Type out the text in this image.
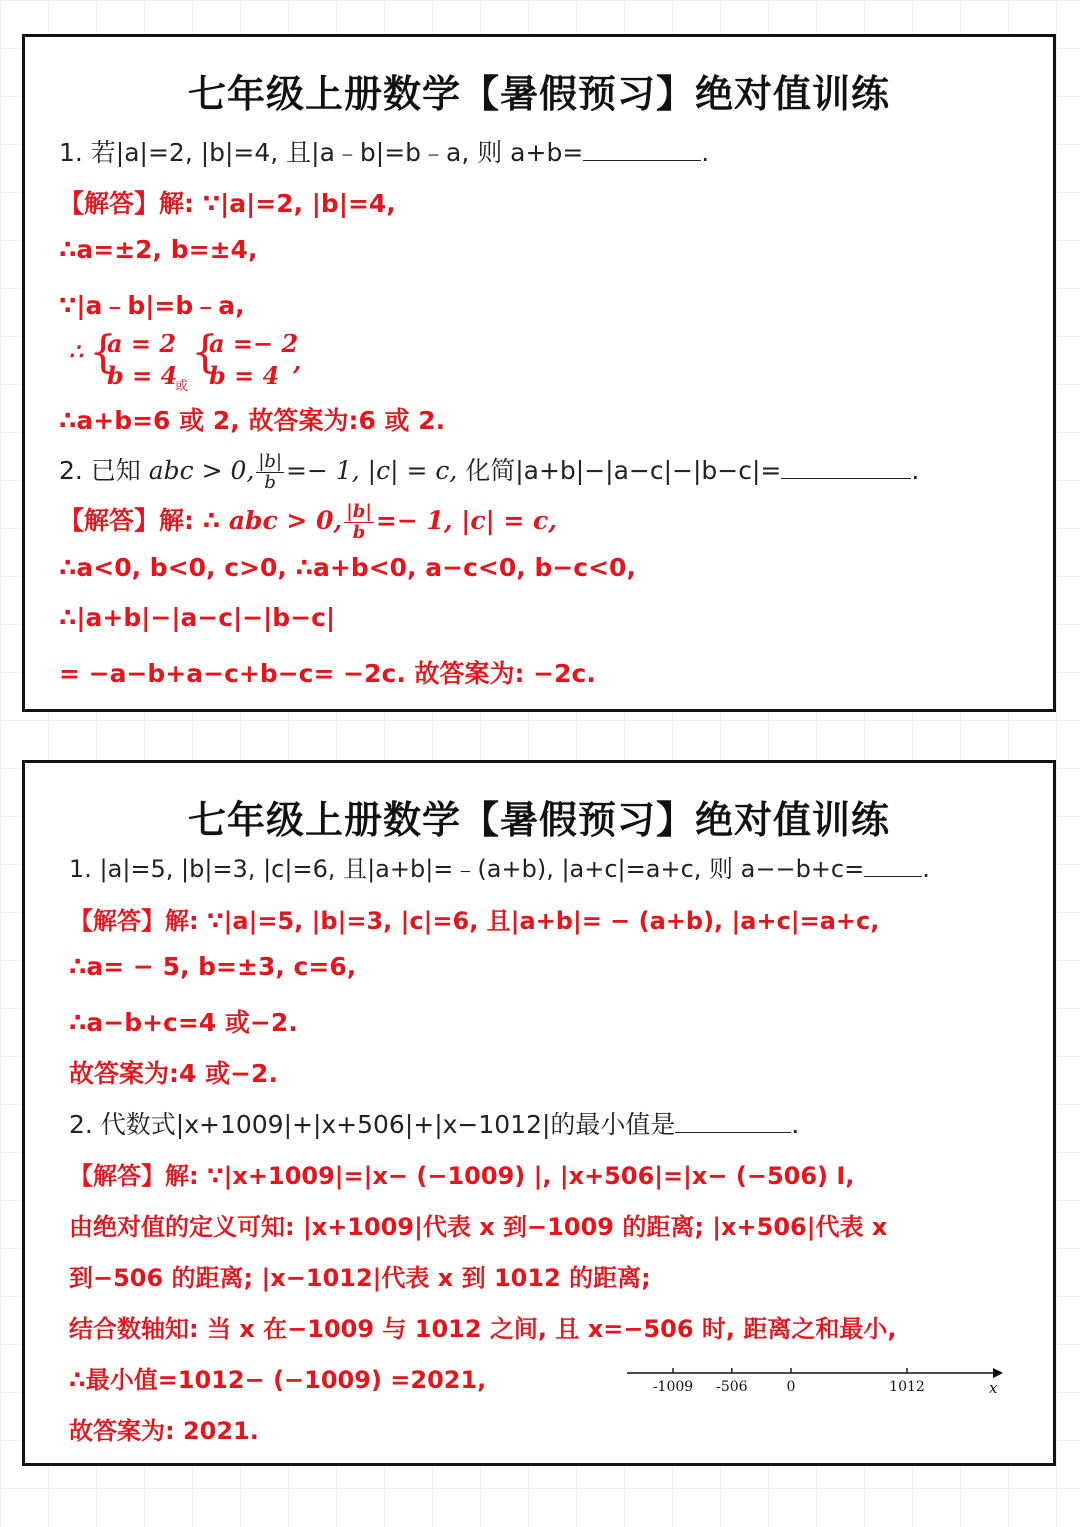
七年级上册数学【暑假预习】绝对值训练
1. 若|a|=2, |b|=4, 且|a﹣b|=b﹣a, 则 a+b=	.
【解答】解: ∵|a|=2, |b|=4,
∴a=±2, b=±4,
∵|a﹣b|=b﹣a,
∴ {
a = 2
b = 4
或
{
a =− 2
b = 4 ,
∴a+b=6 或 2, 故答案为:6 或 2.
2. 已知 abc > 0, $\frac{|b|}{b} =- 1$, |c| = c, 化简|a+b|−|a−c|−|b−c|=	.
【解答】解: ∴ abc > 0, $\frac{|b|}{b} =- 1$, |c| = c,
∴a<0, b<0, c>0, ∴a+b<0, a−c<0, b−c<0,
∴|a+b|−|a−c|−|b−c|
= −a−b+a−c+b−c= −2c. 故答案为: −2c.
七年级上册数学【暑假预习】绝对值训练
1. |a|=5, |b|=3, |c|=6, 且|a+b|=﹣(a+b), |a+c|=a+c, 则 a−−b+c= .
【解答】解: ∵|a|=5, |b|=3, |c|=6, 且|a+b|= − (a+b), |a+c|=a+c,
∴a= − 5, b=±3, c=6,
∴a−b+c=4 或−2.
故答案为:4 或−2.
2. 代数式|x+1009|+|x+506|+|x−1012|的最小值是	.
【解答】解: ∵|x+1009|=|x− (−1009) |, |x+506|=|x− (−506) I,
由绝对值的定义可知: |x+1009|代表 x 到−1009 的距离; |x+506|代表 x
到−506 的距离; |x−1012|代表 x 到 1012 的距离;
结合数轴知: 当 x 在−1009 与 1012 之间, 且 x=−506 时, 距离之和最小,
∴最小值=1012− (−1009) =2021,
故答案为: 2021.
x
-1009 -506	0	1012
